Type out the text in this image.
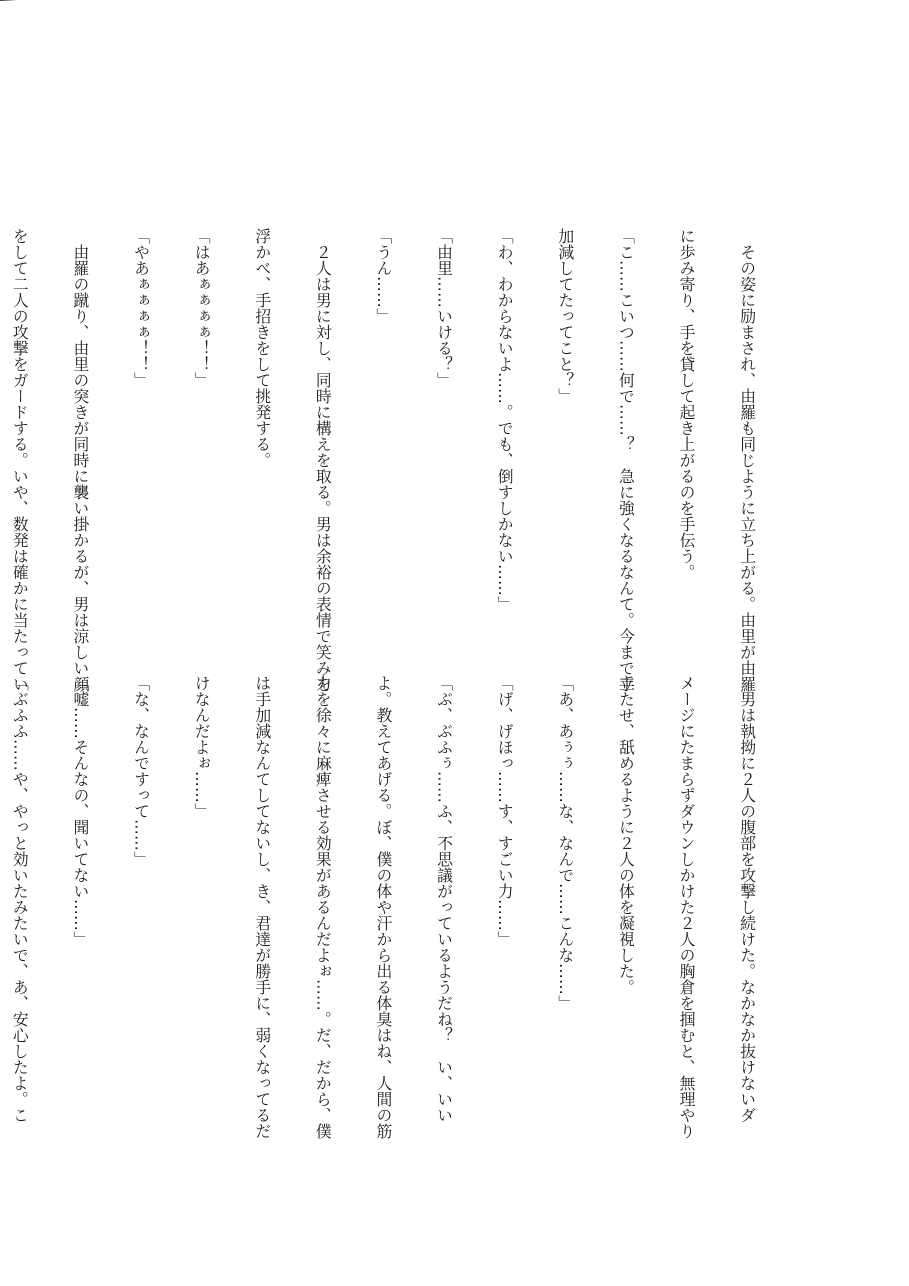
　その姿に励まされ、由羅も同じように立ち上がる。由里が由羅

に歩み寄り、手を貸して起き上がるのを手伝う。

「こ……こいつ……何で……？　急に強くなるなんて。今まで手

加減してたってこと？」

「わ、わからないよ……。でも、倒すしかない……」

「由里……いける？」

「うん……」

　２人は男に対し、同時に構えを取る。男は余裕の表情で笑みを

浮かべ、手招きをして挑発する。

「はあぁぁぁぁ！！」

「やあぁぁぁぁ！！」

　由羅の蹴り、由里の突きが同時に襲い掛かるが、男は涼しい顔

をして二人の攻撃をガードする。いや、数発は確かに当たってい

　男は執拗に２人の腹部を攻撃し続けた。なかなか抜けないダ

メージにたまらずダウンしかけた２人の胸倉を掴むと、無理やり

立たせ、舐めるように２人の体を凝視した。

「あ、あぅぅ……な、なんで……こんな……」

「げ、げほっ……す、すごい力……」

「ぶ、ぶふぅ……ふ、不思議がっているようだね？　い、いい

よ。教えてあげる。ぼ、僕の体や汗から出る体臭はね、人間の筋

力を徐々に麻痺させる効果があるんだよぉ……。だ、だから、僕

は手加減なんてしてないし、き、君達が勝手に、弱くなってるだ

けなんだよぉ……」

「な、なんですって……」

「嘘……そんなの、聞いてない……」

「ぶふふ……や、やっと効いたみたいで、あ、安心したよ。こ
